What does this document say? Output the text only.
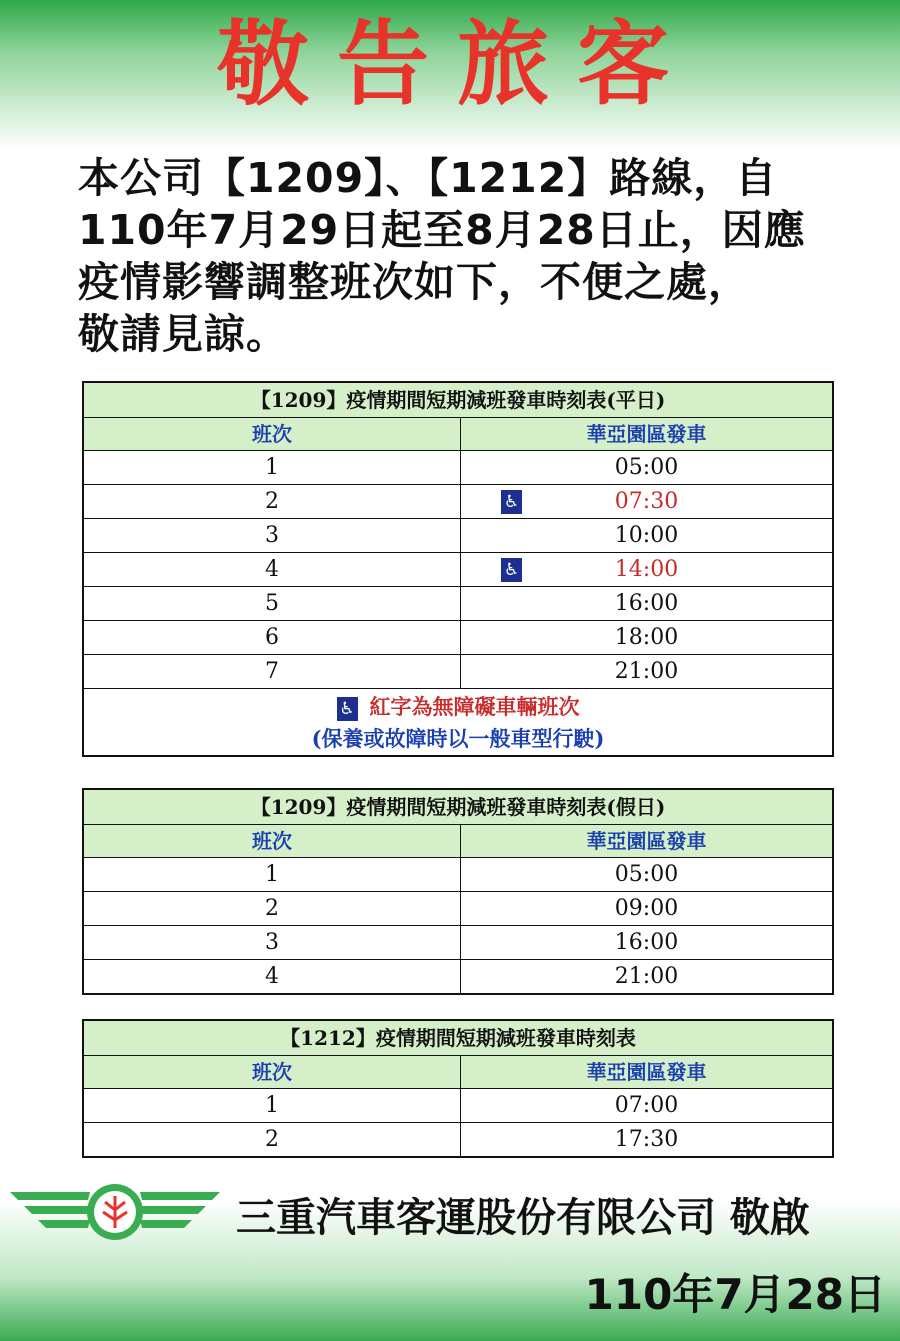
敬告旅客
本公司【1209】、【1212】路線，自
110年7月29日起至8月28日止，因應
疫情影響調整班次如下，不便之處，
敬請見諒。
【1209】疫情期間短期減班發車時刻表(平日)
班次	華亞園區發車
1	05:00
2	♿	07:30
3	10:00
4	♿	14:00
5	16:00
6	18:00
7	21:00
♿ 紅字為無障礙車輛班次
(保養或故障時以一般車型行駛)
【1209】疫情期間短期減班發車時刻表(假日)
班次	華亞園區發車
1	05:00
2	09:00
3	16:00
4	21:00
【1212】疫情期間短期減班發車時刻表
班次	華亞園區發車
1	07:00
2	17:30
三重汽車客運股份有限公司 敬啟
110年7月28日
